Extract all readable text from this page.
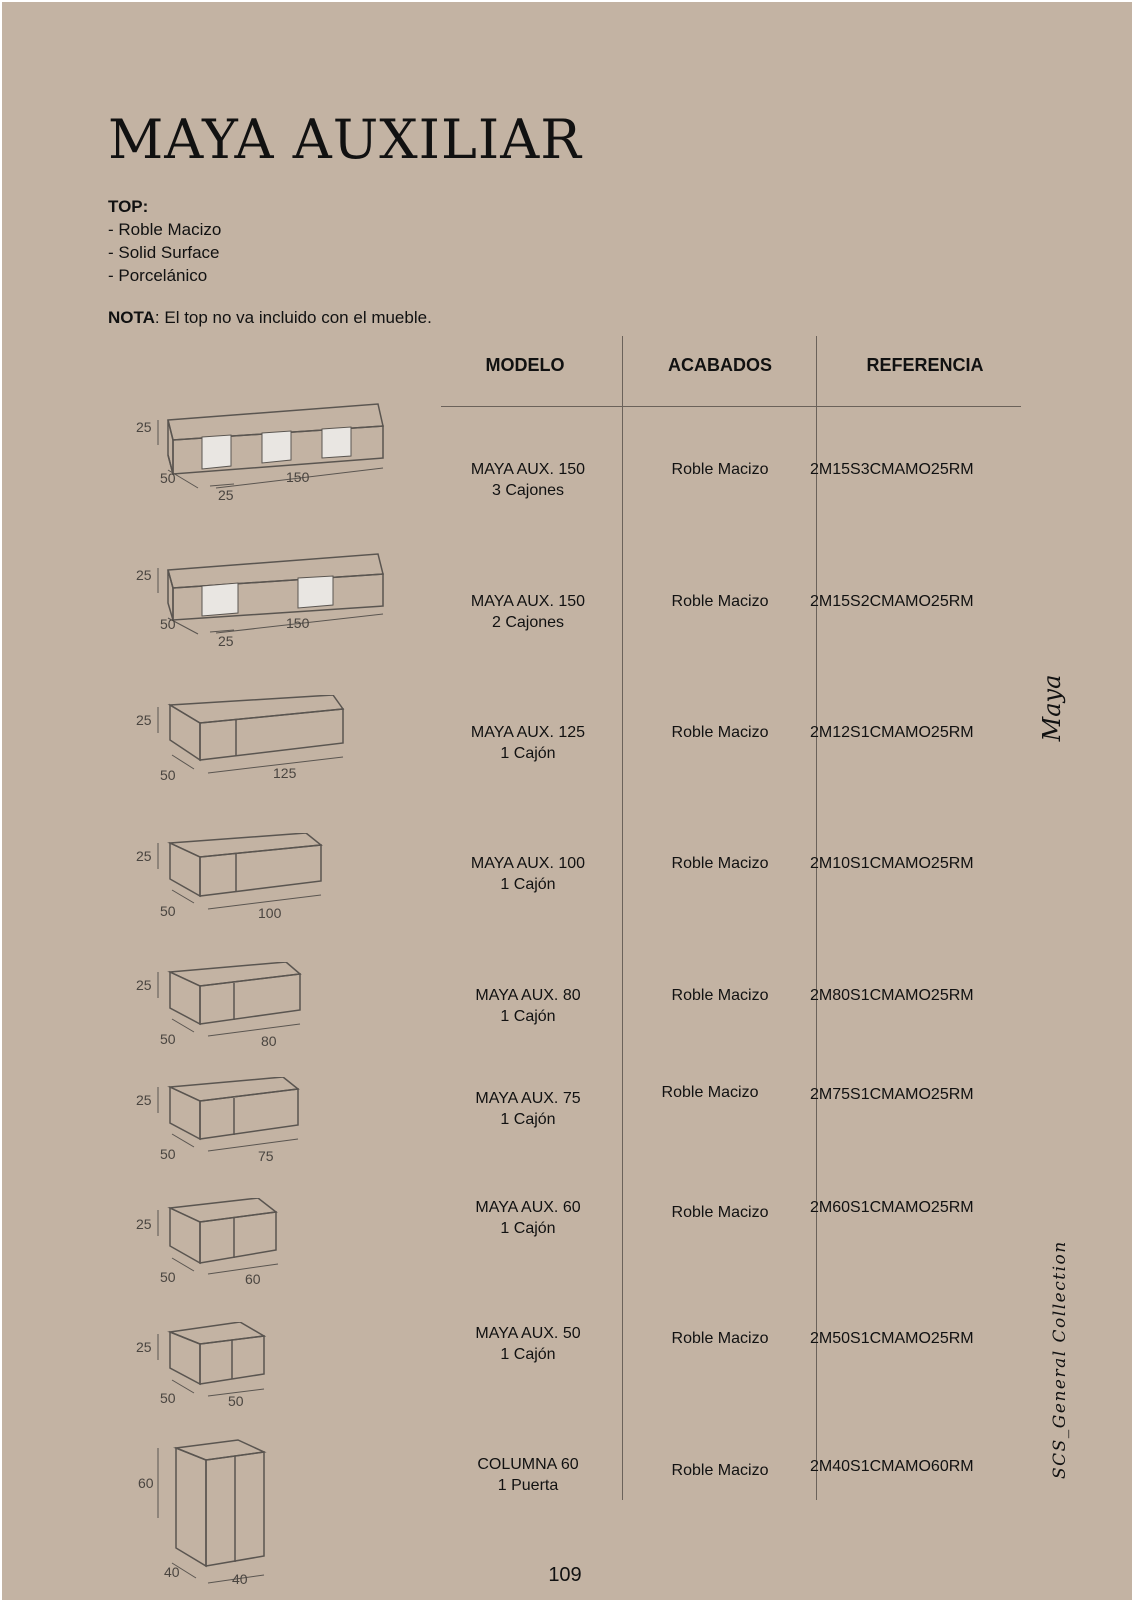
MAYA AUXILIAR
TOP:
- Roble Macizo
- Solid Surface
- Porcelánico
NOTA: El top no va incluido con el mueble.
MODELO	ACABADOS	REFERENCIA
MAYA AUX. 150
3 Cajones
Roble Macizo	2M15S3CMAMO25RM
MAYA AUX. 150
2 Cajones
Roble Macizo	2M15S2CMAMO25RM
MAYA AUX. 125
1 Cajón
Roble Macizo	2M12S1CMAMO25RM
MAYA AUX. 100
1 Cajón
Roble Macizo	2M10S1CMAMO25RM
MAYA AUX. 80
1 Cajón
Roble Macizo	2M80S1CMAMO25RM
MAYA AUX. 75
1 Cajón
Roble Macizo	2M75S1CMAMO25RM
MAYA AUX. 60
1 Cajón
Roble Macizo	2M60S1CMAMO25RM
MAYA AUX. 50
1 Cajón
Roble Macizo	2M50S1CMAMO25RM
COLUMNA 60
1 Puerta
Roble Macizo	2M40S1CMAMO60RM
25
50	150
25
25
50	150
25
25
50	125
25
50	100
25
50	80
25
50	75
25
50	60
25
50	50
60
40	40
Maya
SCS_General Collection
109
